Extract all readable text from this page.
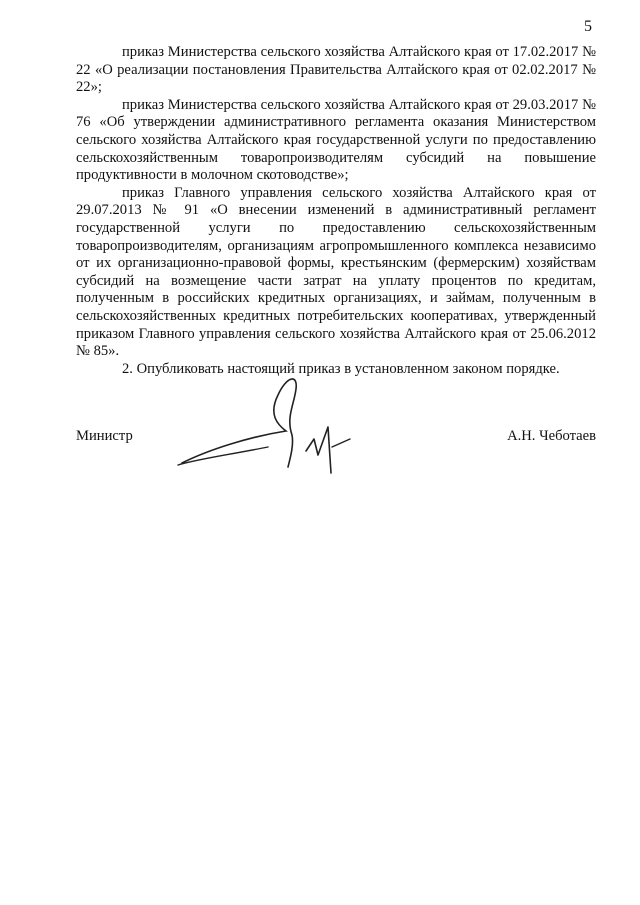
5

приказ Министерства сельского хозяйства Алтайского края от 17.02.2017 № 22 «О реализации постановления Правительства Алтайского края от 02.02.2017 № 22»;

приказ Министерства сельского хозяйства Алтайского края от 29.03.2017 № 76 «Об утверждении административного регламента оказания Министерством сельского хозяйства Алтайского края государственной услуги по предоставлению сельскохозяйственным товаропроизводителям субсидий на повышение продуктивности в молочном скотоводстве»;

приказ Главного управления сельского хозяйства Алтайского края от 29.07.2013 № 91 «О внесении изменений в административный регламент государственной услуги по предоставлению сельскохозяйственным товаропроизводителям, организациям агропромышленного комплекса независимо от их организационно-правовой формы, крестьянским (фермерским) хозяйствам субсидий на возмещение части затрат на уплату процентов по кредитам, полученным в российских кредитных организациях, и займам, полученным в сельскохозяйственных кредитных потребительских кооперативах, утвержденный приказом Главного управления сельского хозяйства Алтайского края от 25.06.2012 № 85».

2. Опубликовать настоящий приказ в установленном законом порядке.

Министр	А.Н. Чеботаев
